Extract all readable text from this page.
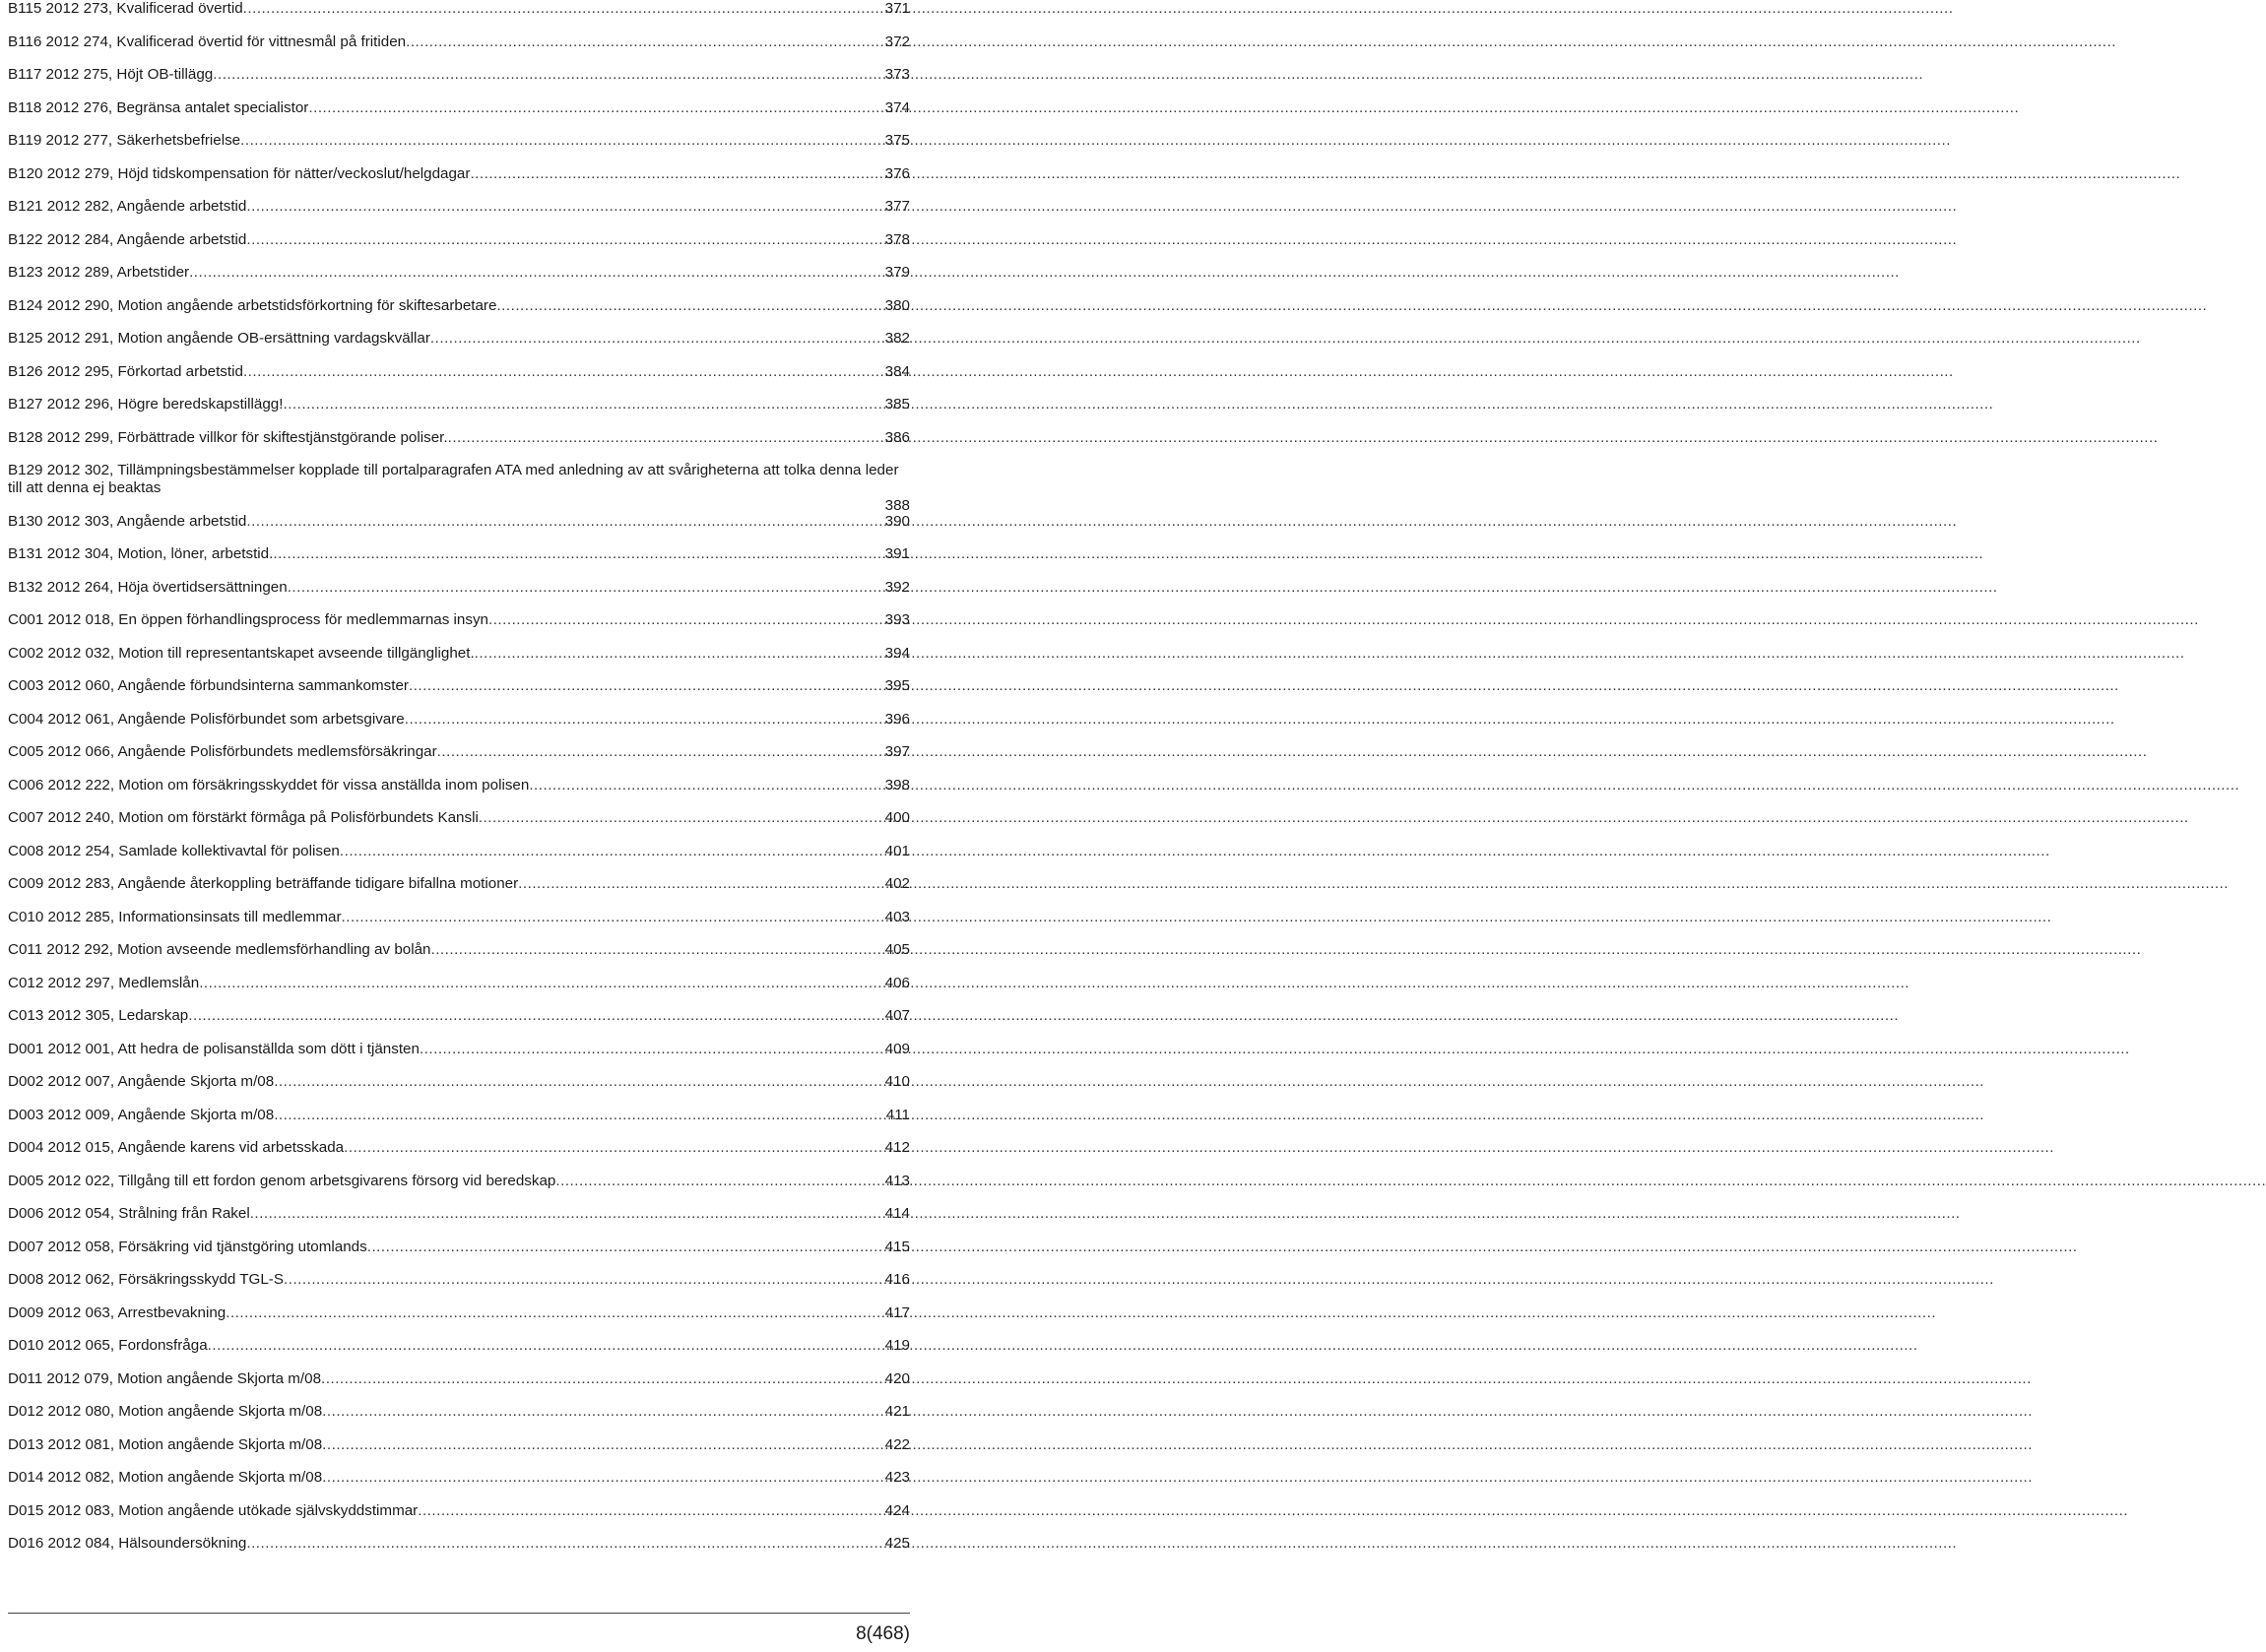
B115 2012 273, Kvalificerad övertid .....	371
B116 2012 274, Kvalificerad övertid för vittnesmål på fritiden .....	372
B117 2012 275, Höjt OB-tillägg .....	373
B118 2012 276, Begränsa antalet specialistor .....	374
B119 2012 277, Säkerhetsbefrielse .....	375
B120 2012 279, Höjd tidskompensation för nätter/veckoslut/helgdagar .....	376
B121 2012 282, Angående arbetstid .....	377
B122 2012 284, Angående arbetstid .....	378
B123 2012 289, Arbetstider .....	379
B124 2012 290, Motion angående arbetstidsförkortning för skiftesarbetare .....	380
B125 2012 291, Motion angående OB-ersättning vardagskvällar .....	382
B126 2012 295, Förkortad arbetstid .....	384
B127 2012 296, Högre beredskapstillägg! .....	385
B128 2012 299, Förbättrade villkor för skiftestjänstgörande poliser. .....	386
B129 2012 302, Tillämpningsbestämmelser kopplade till portalparagrafen ATA med anledning av att svårigheterna att tolka denna leder till att denna ej beaktas
388
B130 2012 303, Angående arbetstid .....	390
B131 2012 304, Motion, löner, arbetstid. .....	391
B132 2012 264, Höja övertidsersättningen .....	392
C001 2012 018, En öppen förhandlingsprocess för medlemmarnas insyn .....	393
C002 2012 032, Motion till representantskapet avseende tillgänglighet. .....	394
C003 2012 060, Angående förbundsinterna sammankomster .....	395
C004 2012 061, Angående Polisförbundet som arbetsgivare .....	396
C005 2012 066, Angående Polisförbundets medlemsförsäkringar .....	397
C006 2012 222, Motion om försäkringsskyddet för vissa anställda inom polisen .....	398
C007 2012 240, Motion om förstärkt förmåga på Polisförbundets Kansli .....	400
C008 2012 254, Samlade kollektivavtal för polisen .....	401
C009 2012 283, Angående återkoppling beträffande tidigare bifallna motioner .....	402
C010 2012 285, Informationsinsats till medlemmar .....	403
C011 2012 292, Motion avseende medlemsförhandling av bolån .....	405
C012 2012 297, Medlemslån .....	406
C013 2012 305, Ledarskap .....	407
D001 2012 001, Att hedra de polisanställda som dött i tjänsten .....	409
D002 2012 007, Angående Skjorta m/08 .....	410
D003 2012 009, Angående Skjorta m/08 .....	411
D004 2012 015, Angående karens vid arbetsskada .....	412
D005 2012 022, Tillgång till ett fordon genom arbetsgivarens försorg vid beredskap .....	413
D006 2012 054, Strålning från Rakel .....	414
D007 2012 058, Försäkring vid tjänstgöring utomlands .....	415
D008 2012 062, Försäkringsskydd TGL-S .....	416
D009 2012 063, Arrestbevakning .....	417
D010 2012 065, Fordonsfråga .....	419
D011 2012 079, Motion angående Skjorta m/08 .....	420
D012 2012 080, Motion angående Skjorta m/08 .....	421
D013 2012 081, Motion angående Skjorta m/08 .....	422
D014 2012 082, Motion angående Skjorta m/08 .....	423
D015 2012 083, Motion angående utökade självskyddstimmar .....	424
D016 2012 084, Hälsoundersökning .....	425
8(468)
